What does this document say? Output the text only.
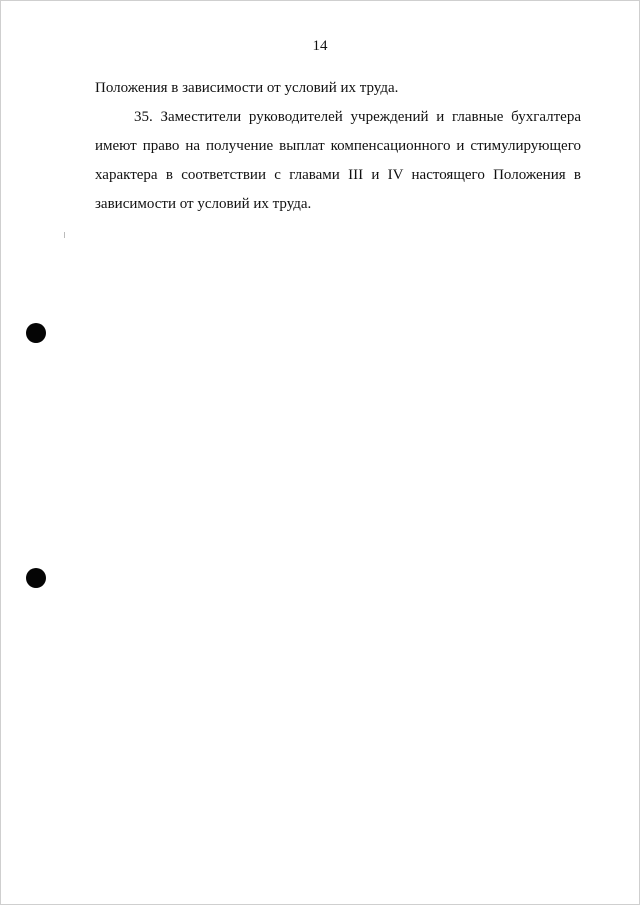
14
Положения в зависимости от условий их труда.
35. Заместители руководителей учреждений и главные бухгалтера
имеют право на получение выплат компенсационного и стимулирующего
характера в соответствии с главами III и IV настоящего Положения в
зависимости от условий их труда.
